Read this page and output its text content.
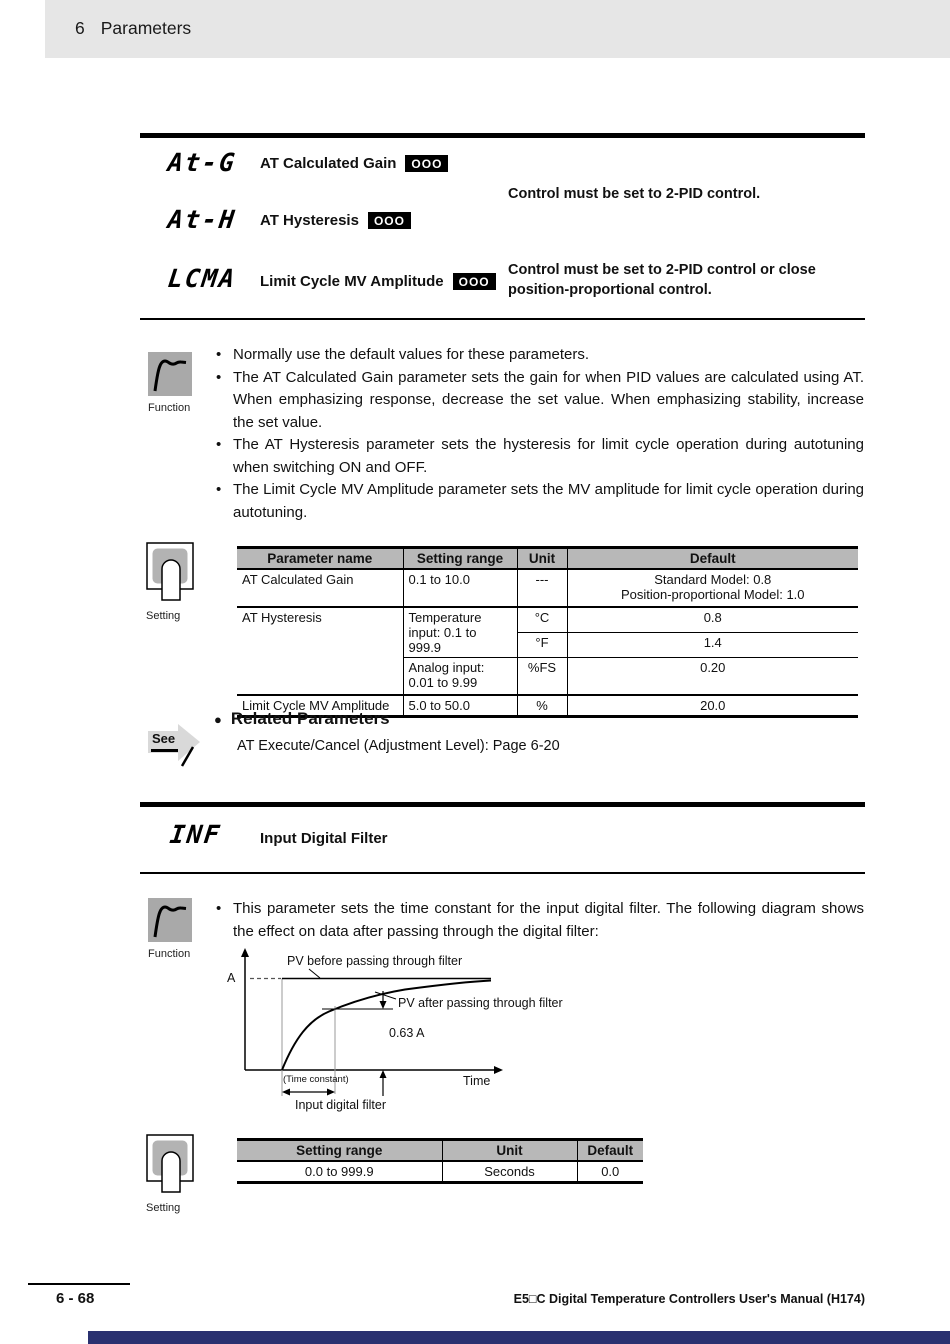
6 Parameters
At-G AT Calculated Gain	OOO
Control must be set to 2-PID control.
At-H AT Hysteresis	OOO
LCMA Limit Cycle MV Amplitude	OOO
Control must be set to 2-PID control or close position-proportional control.
Function
• Normally use the default values for these parameters.
• The AT Calculated Gain parameter sets the gain for when PID values are calculated using AT. When emphasizing response, decrease the set value. When emphasizing stability, increase the set value.
• The AT Hysteresis parameter sets the hysteresis for limit cycle operation during autotuning when switching ON and OFF.
• The Limit Cycle MV Amplitude parameter sets the MV amplitude for limit cycle operation during autotuning.
Setting
Parameter name	Setting range	Unit	Default
AT Calculated Gain	0.1 to 10.0	---	Standard Model: 0.8
Position-proportional Model: 1.0

AT Hysteresis	Temperature input: 0.1 to 999.9	°C	0.8
		°F	1.4
	Analog input: 0.01 to 9.99	%FS	0.20
Limit Cycle MV Amplitude	5.0 to 50.0	%	20.0
See
● Related Parameters
AT Execute/Cancel (Adjustment Level): Page 6-20
INF Input Digital Filter
Function
• This parameter sets the time constant for the input digital filter. The following diagram shows the effect on data after passing through the digital filter:
A
PV before passing through filter
PV after passing through filter
0.63 A
(Time constant)	Time
Input digital filter
Setting
Setting range	Unit	Default
0.0 to 999.9	Seconds	0.0
6 - 68	E5□C Digital Temperature Controllers User's Manual (H174)
